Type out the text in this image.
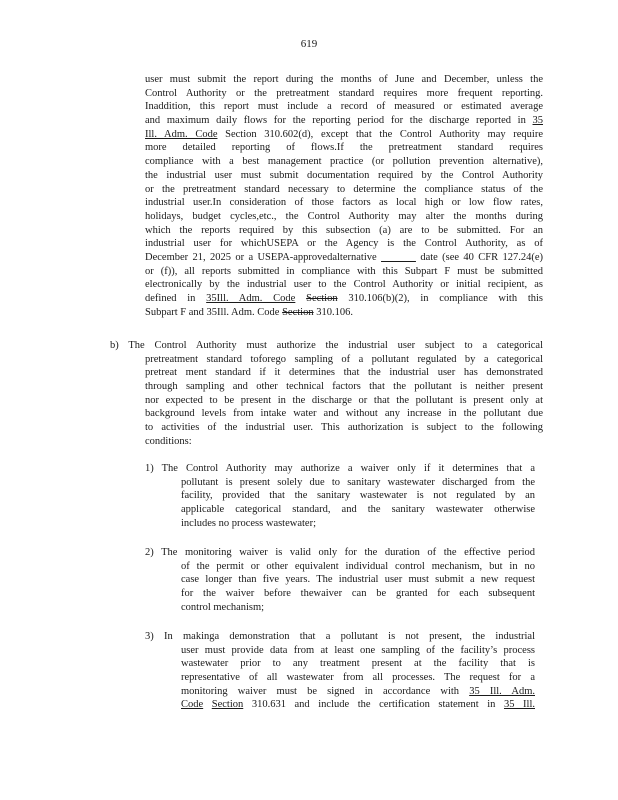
619
user must submit the report during the months of June and December, unless the
Control Authority or the pretreatment standard requires more frequent reporting.
Inaddition, this report must include a record of measured or estimated average
and maximum daily flows for the reporting period for the discharge reported in 35
Ill. Adm. Code Section 310.602(d), except that the Control Authority may require
more detailed reporting of flows.If the pretreatment standard requires
compliance with a best management practice (or pollution prevention alternative),
the industrial user must submit documentation required by the Control Authority
or the pretreatment standard necessary to determine the compliance status of the
industrial user.In consideration of those factors as local high or low flow rates,
holidays, budget cycles,etc., the Control Authority may alter the months during
which the reports required by this subsection (a) are to be submitted. For an
industrial user for whichUSEPA or the Agency is the Control Authority, as of
December 21, 2025 or a USEPA-approvedalternative	date (see 40 CFR 127.24(e)
or (f)), all reports submitted in compliance with this Subpart F must be submitted
electronically by the industrial user to the Control Authority or initial recipient, as
defined in 35Ill. Adm. Code Section 310.106(b)(2), in compliance with this
Subpart F and 35Ill. Adm. Code Section 310.106.
b) The Control Authority must authorize the industrial user subject to a categorical
pretreatment standard toforego sampling of a pollutant regulated by a categorical
pretreat ment standard if it determines that the industrial user has demonstrated
through sampling and other technical factors that the pollutant is neither present
nor expected to be present in the discharge or that the pollutant is present only at
background levels from intake water and without any increase in the pollutant due
to activities of the industrial user. This authorization is subject to the following
conditions:
1) The Control Authority may authorize a waiver only if it determines that a
pollutant is present solely due to sanitary wastewater discharged from the
facility, provided that the sanitary wastewater is not regulated by an
applicable categorical standard, and the sanitary wastewater otherwise
includes no process wastewater;
2) The monitoring waiver is valid only for the duration of the effective period
of the permit or other equivalent individual control mechanism, but in no
case longer than five years. The industrial user must submit a new request
for the waiver before thewaiver can be granted for each subsequent
control mechanism;
3) In makinga demonstration that a pollutant is not present, the industrial
user must provide data from at least one sampling of the facility’s process
wastewater prior to any treatment present at the facility that is
representative of all wastewater from all processes. The request for a
monitoring waiver must be signed in accordance with 35 Ill. Adm.
Code Section 310.631 and include the certification statement in 35 Ill.
